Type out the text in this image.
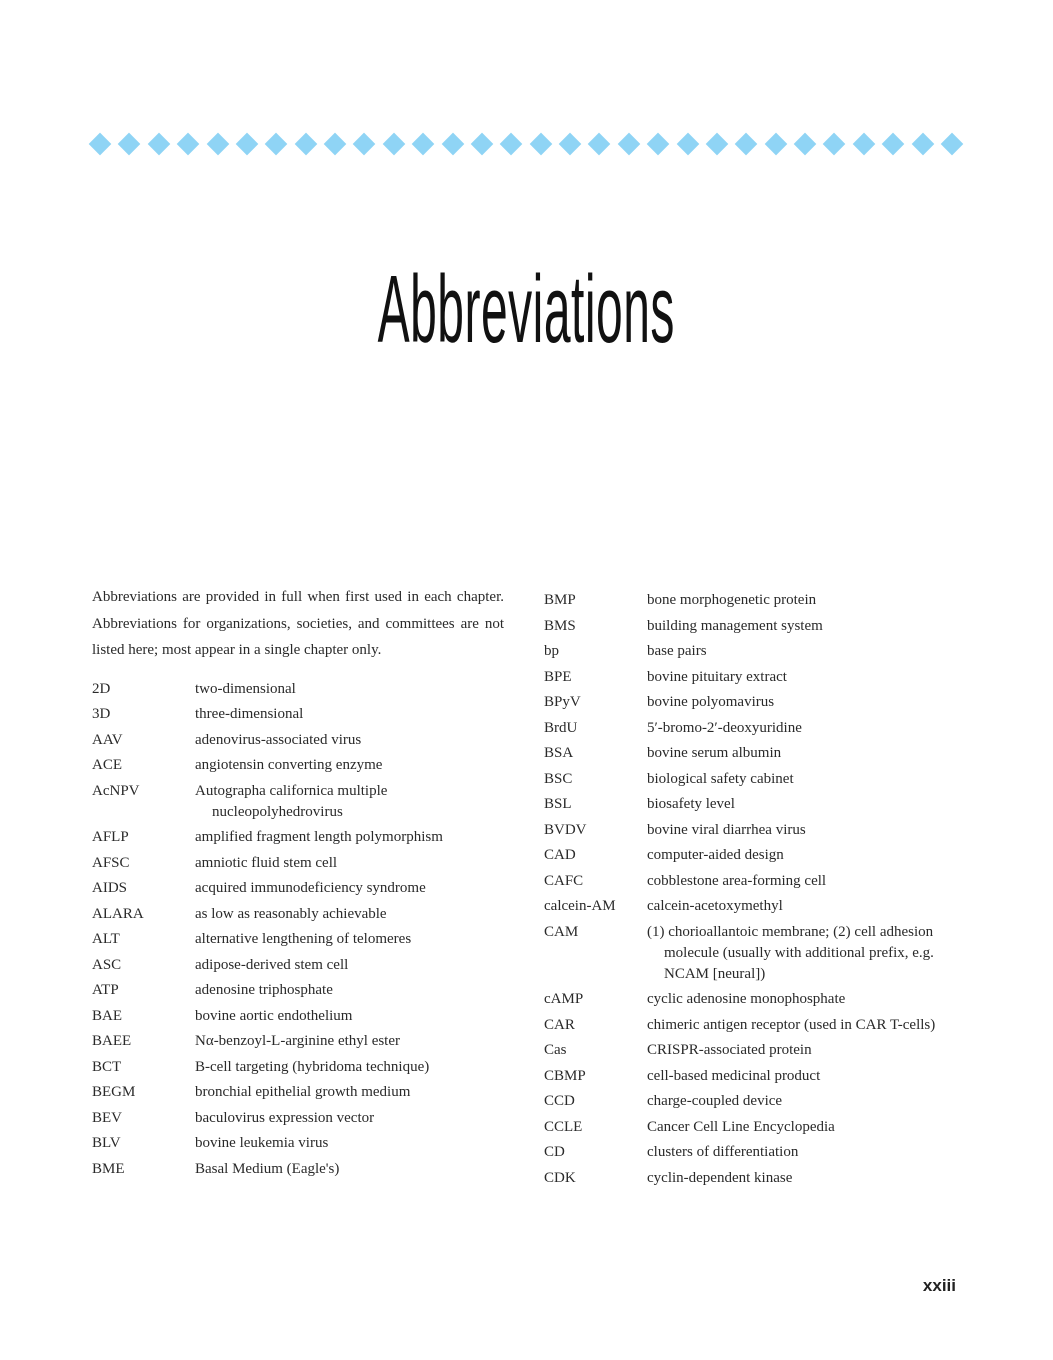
Abbreviations

Abbreviations are provided in full when first used in each chapter. Abbreviations for organizations, societies, and committees are not listed here; most appear in a single chapter only.

2D	two-dimensional
3D	three-dimensional
AAV	adenovirus-associated virus
ACE	angiotensin converting enzyme
AcNPV	Autographa californica multiple nucleopolyhedrovirus
AFLP	amplified fragment length polymorphism
AFSC	amniotic fluid stem cell
AIDS	acquired immunodeficiency syndrome
ALARA	as low as reasonably achievable
ALT	alternative lengthening of telomeres
ASC	adipose-derived stem cell
ATP	adenosine triphosphate
BAE	bovine aortic endothelium
BAEE	Nα-benzoyl-L-arginine ethyl ester
BCT	B-cell targeting (hybridoma technique)
BEGM	bronchial epithelial growth medium
BEV	baculovirus expression vector
BLV	bovine leukemia virus
BME	Basal Medium (Eagle's)
BMP	bone morphogenetic protein
BMS	building management system
bp	base pairs
BPE	bovine pituitary extract
BPyV	bovine polyomavirus
BrdU	5′-bromo-2′-deoxyuridine
BSA	bovine serum albumin
BSC	biological safety cabinet
BSL	biosafety level
BVDV	bovine viral diarrhea virus
CAD	computer-aided design
CAFC	cobblestone area-forming cell
calcein-AM	calcein-acetoxymethyl
CAM	(1) chorioallantoic membrane; (2) cell adhesion molecule (usually with additional prefix, e.g. NCAM [neural])
cAMP	cyclic adenosine monophosphate
CAR	chimeric antigen receptor (used in CAR T-cells)
Cas	CRISPR-associated protein
CBMP	cell-based medicinal product
CCD	charge-coupled device
CCLE	Cancer Cell Line Encyclopedia
CD	clusters of differentiation
CDK	cyclin-dependent kinase
xxiii
